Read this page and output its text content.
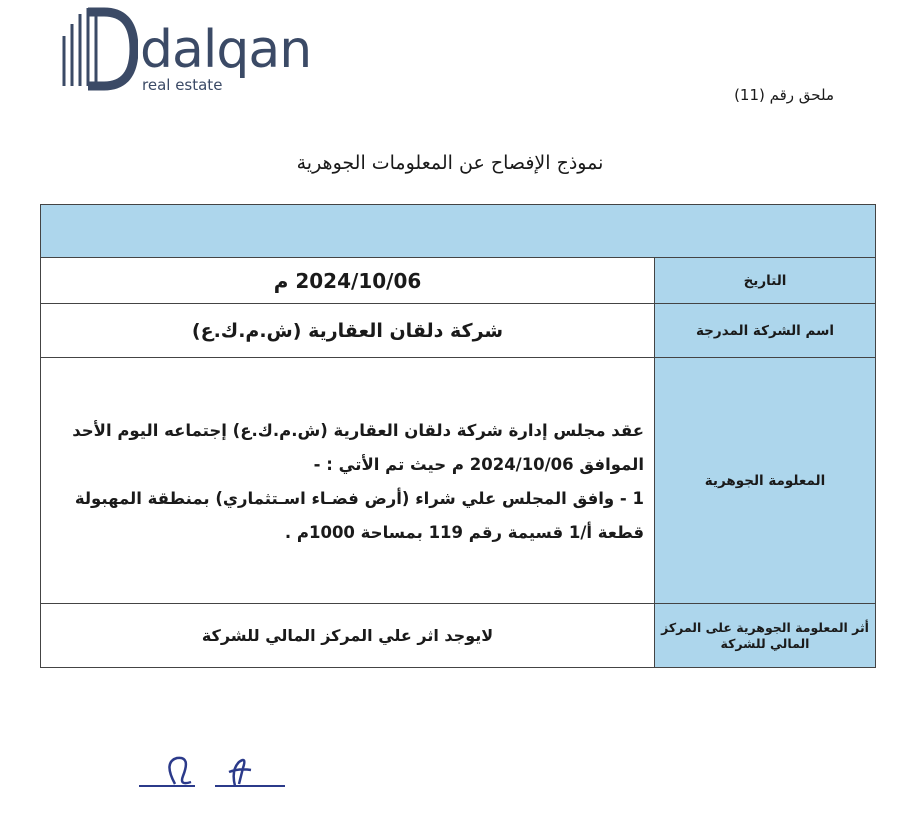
dalqan
real estate
ملحق رقم (11)
نموذج الإفصاح عن المعلومات الجوهرية

التاريخ	2024/10/06 م
اسم الشركة المدرجة	شركة دلقان العقارية (ش.م.ك.ع)
المعلومة الجوهرية	عقد مجلس إدارة شركة دلقان العقارية (ش.م.ك.ع) إجتماعه اليوم الأحد
الموافق 2024/10/06 م حيث تم الأتي : -
1 - وافق المجلس علي شراء (أرض فضـاء اسـتثماري) بمنطقة المهبولة
قطعة أ/1 قسيمة رقم 119 بمساحة 1000م .

أثر المعلومة الجوهرية على المركز المالي للشركة	لايوجد اثر علي المركز المالي للشركة
